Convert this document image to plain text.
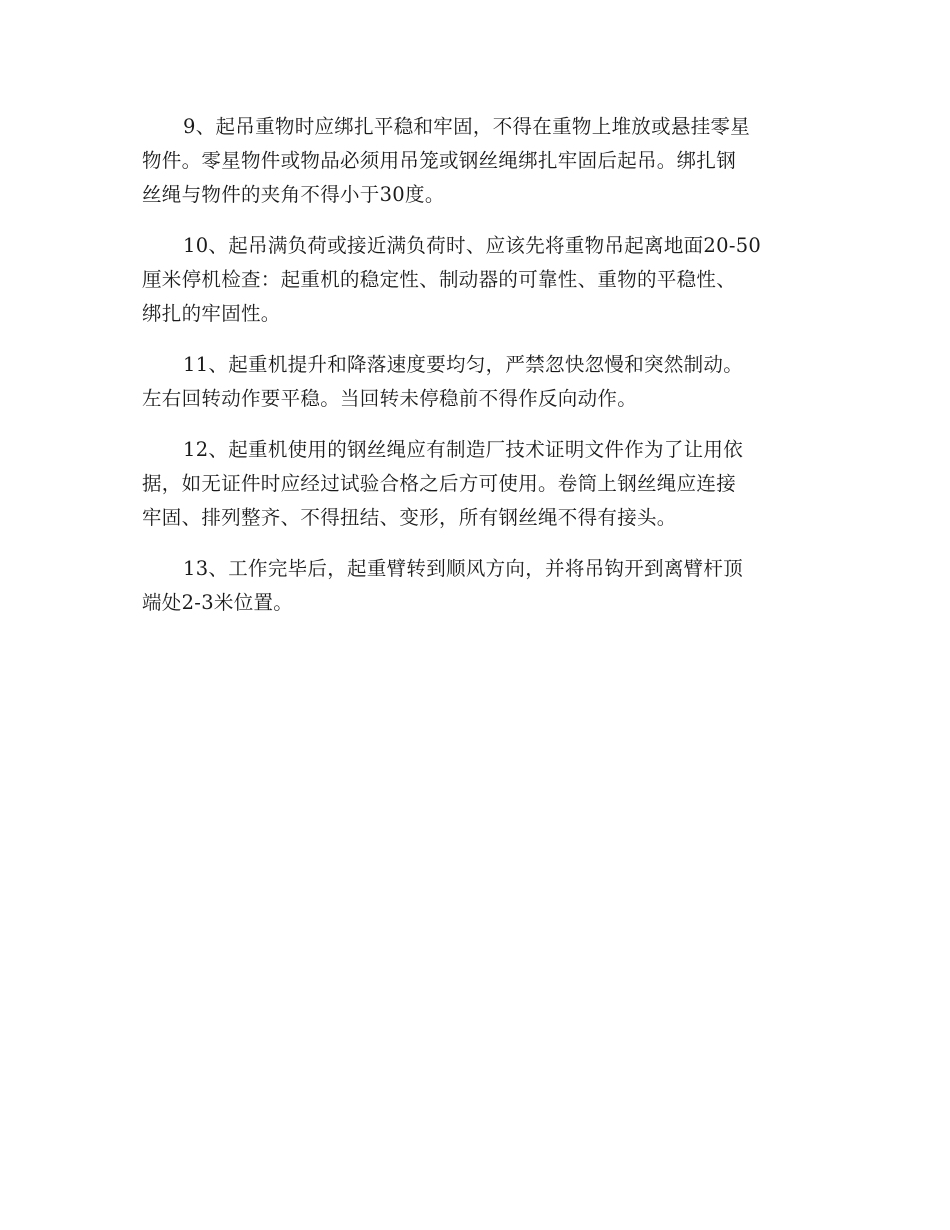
9、起吊重物时应绑扎平稳和牢固，不得在重物上堆放或悬挂零星
物件。零星物件或物品必须用吊笼或钢丝绳绑扎牢固后起吊。绑扎钢
丝绳与物件的夹角不得小于30度。

10、起吊满负荷或接近满负荷时、应该先将重物吊起离地面20-50
厘米停机检查：起重机的稳定性、制动器的可靠性、重物的平稳性、
绑扎的牢固性。

11、起重机提升和降落速度要均匀，严禁忽快忽慢和突然制动。
左右回转动作要平稳。当回转未停稳前不得作反向动作。

12、起重机使用的钢丝绳应有制造厂技术证明文件作为了让用依
据，如无证件时应经过试验合格之后方可使用。卷筒上钢丝绳应连接
牢固、排列整齐、不得扭结、变形，所有钢丝绳不得有接头。

13、工作完毕后，起重臂转到顺风方向，并将吊钩开到离臂杆顶
端处2-3米位置。
